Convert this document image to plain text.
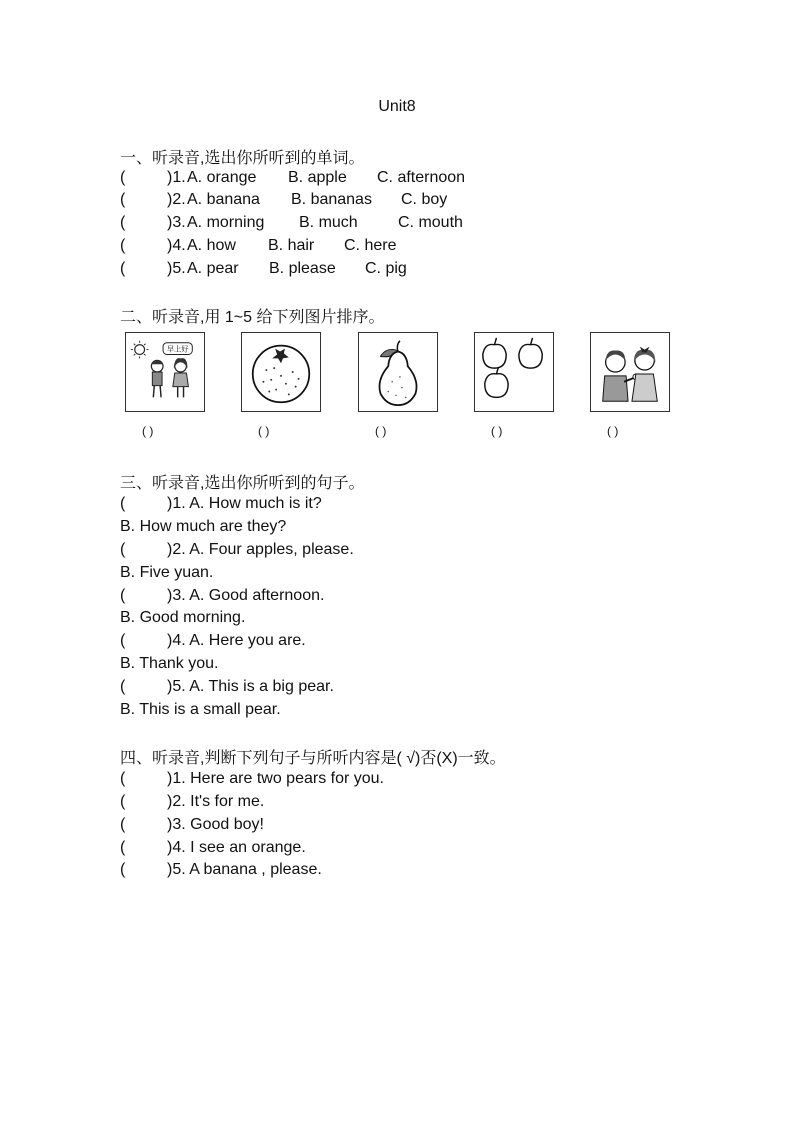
Unit8
一、听录音,选出你所听到的单词。
(	)1. A. orange B. apple C. afternoon
(	)2. A. banana B. bananas C. boy
(	)3. A. morning B. much	C. mouth
(	)4. A. how B. hair C. here
(	)5. A. pear B. please C. pig
二、听录音,用 1~5 给下列图片排序。
早上好
( )	( )	( )	( )	( )
三、听录音,选出你所听到的句子。
(	)1. A. How much is it?
B. How much are they?
(	)2. A. Four apples, please.
B. Five yuan.
(	)3. A. Good afternoon.
B. Good morning.
(	)4. A. Here you are.
B. Thank you.
(	)5. A. This is a big pear.
B. This is a small pear.
四、听录音,判断下列句子与所听内容是( √)否(X)一致。
(	)1. Here are two pears for you.
(	)2. It's for me.
(	)3. Good boy!
(	)4. I see an orange.
(	)5. A banana , please.
